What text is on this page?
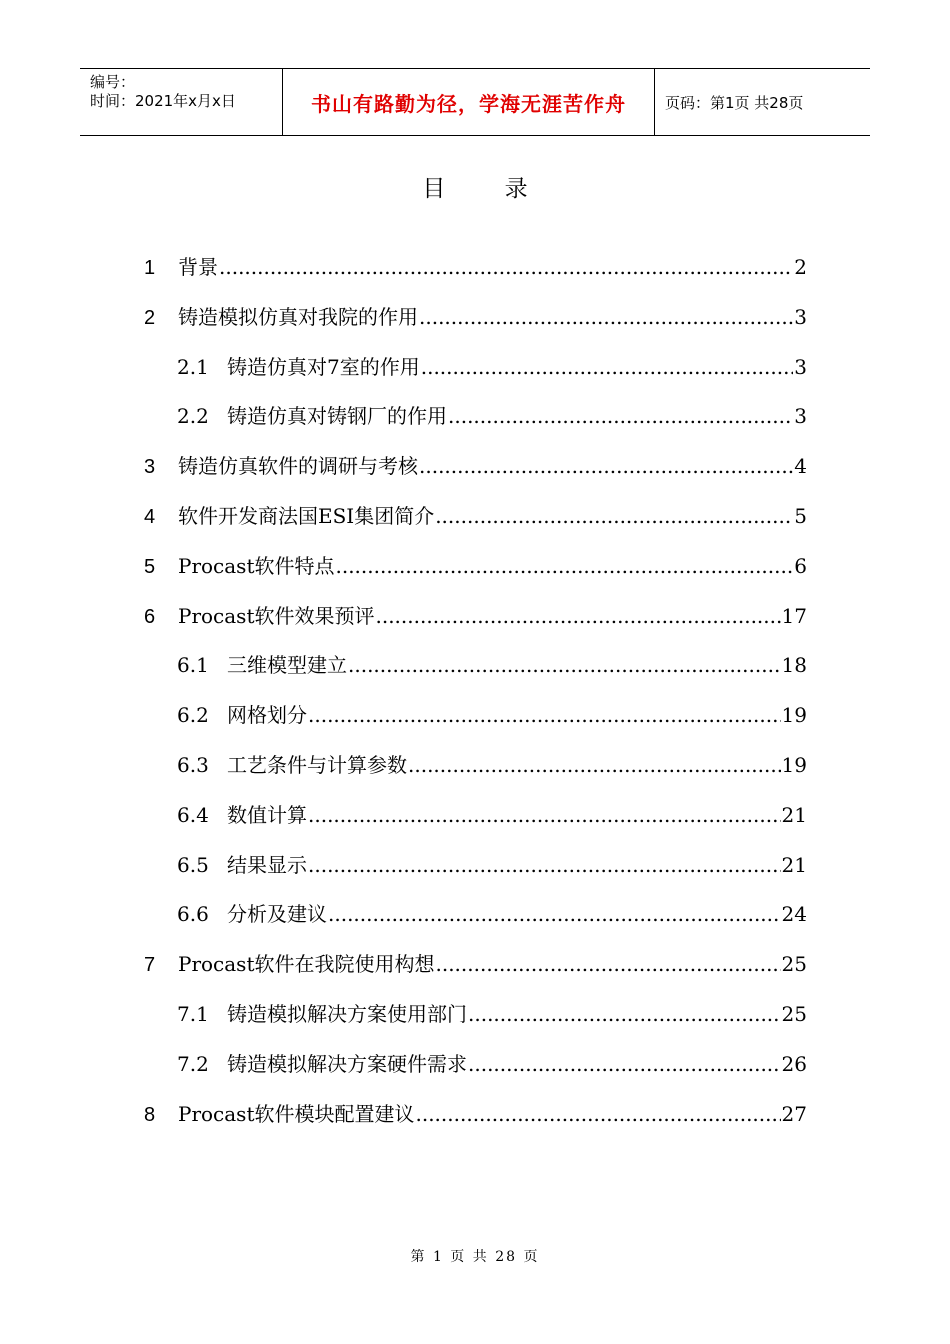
编号：
时间：2021年x月x日	书山有路勤为径，学海无涯苦作舟	页码：第1页 共28页
目 录
1	背景 .....	2
2	铸造模拟仿真对我院的作用 .....	3
2.1 铸造仿真对7室的作用 .....	3
2.2 铸造仿真对铸钢厂的作用 .....	3
3	铸造仿真软件的调研与考核 .....	4
4	软件开发商法国ESI集团简介 .....	5
5	Procast软件特点 .....	6
6	Procast软件效果预评 .....	17
6.1 三维模型建立 .....	18
6.2 网格划分 .....	19
6.3 工艺条件与计算参数 .....	19
6.4 数值计算 .....	21
6.5 结果显示 .....	21
6.6 分析及建议 .....	24
7	Procast软件在我院使用构想 .....	25
7.1 铸造模拟解决方案使用部门 .....	25
7.2 铸造模拟解决方案硬件需求 .....	26
8	Procast软件模块配置建议 .....	27
第 1 页 共 28 页
